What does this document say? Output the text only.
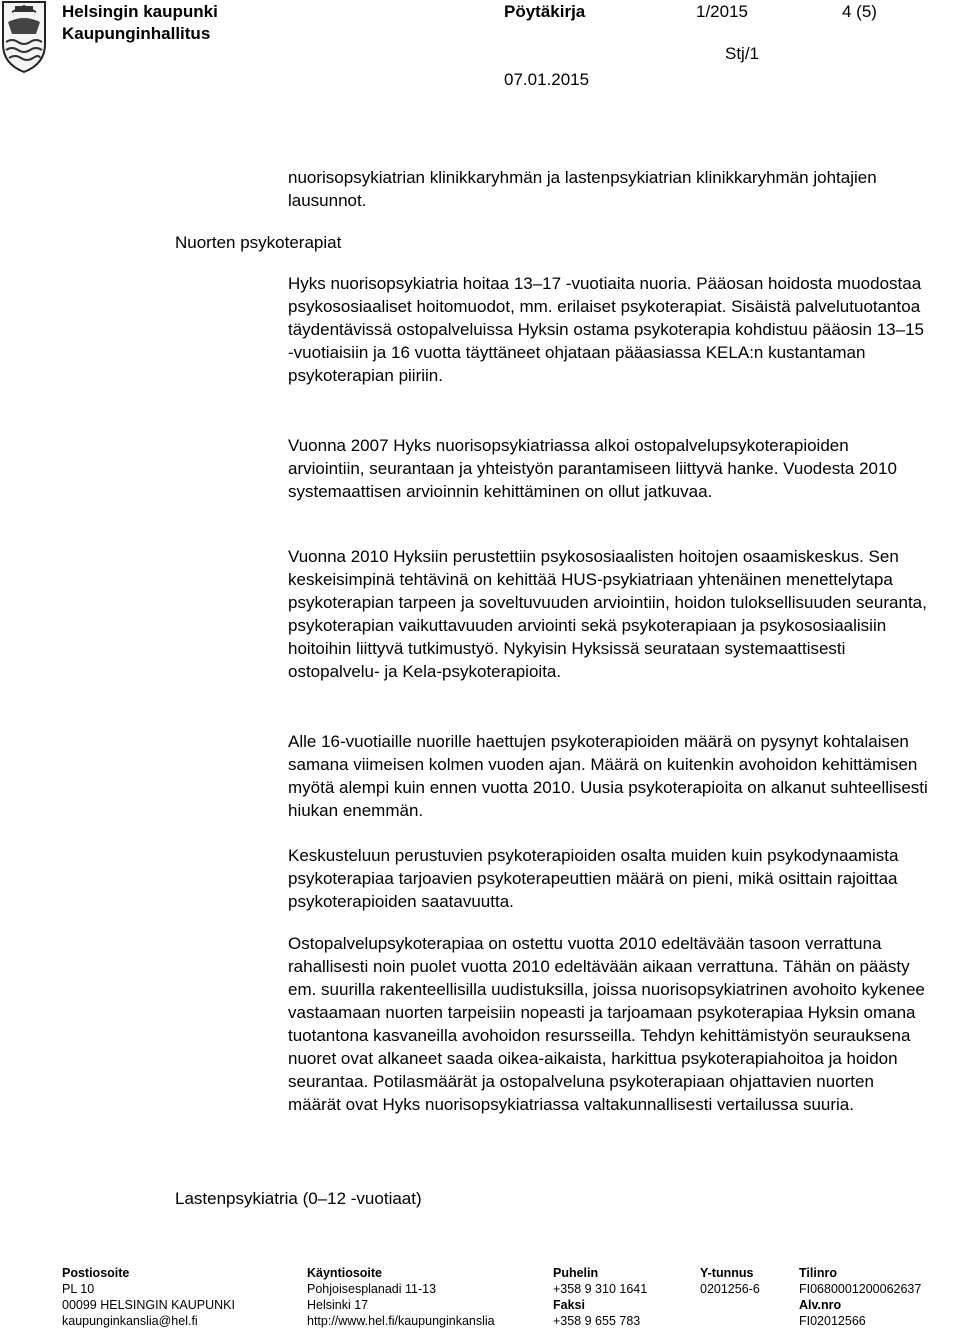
Helsingin kaupunki
Kaupunginhallitus
Pöytäkirja	1/2015	4 (5)
Stj/1
07.01.2015
Nuorten psykoterapiat
Lastenpsykiatria (0–12 -vuotiaat)

nuorisopsykiatrian klinikkaryhmän ja lastenpsykiatrian klinikkaryhmän johtajien lausunnot.

Hyks nuorisopsykiatria hoitaa 13–17 -vuotiaita nuoria. Pääosan hoidosta muodostaa psykososiaaliset hoitomuodot, mm. erilaiset psykoterapiat. Sisäistä palvelutuotantoa täydentävissä ostopalveluissa Hyksin ostama psykoterapia kohdistuu pääosin 13–15 -vuotiaisiin ja 16 vuotta täyttäneet ohjataan pääasiassa KELA:n kustantaman psykoterapian piiriin.

Vuonna 2007 Hyks nuorisopsykiatriassa alkoi ostopalvelupsykoterapioiden arviointiin, seurantaan ja yhteistyön parantamiseen liittyvä hanke. Vuodesta 2010 systemaattisen arvioinnin kehittäminen on ollut jatkuvaa.

Vuonna 2010 Hyksiin perustettiin psykososiaalisten hoitojen osaamiskeskus. Sen keskeisimpinä tehtävinä on kehittää HUS-psykiatriaan yhtenäinen menettelytapa psykoterapian tarpeen ja soveltuvuuden arviointiin, hoidon tuloksellisuuden seuranta, psykoterapian vaikuttavuuden arviointi sekä psykoterapiaan ja psykososiaalisiin hoitoihin liittyvä tutkimustyö. Nykyisin Hyksissä seurataan systemaattisesti ostopalvelu- ja Kela-psykoterapioita.

Alle 16-vuotiaille nuorille haettujen psykoterapioiden määrä on pysynyt kohtalaisen samana viimeisen kolmen vuoden ajan. Määrä on kuitenkin avohoidon kehittämisen myötä alempi kuin ennen vuotta 2010. Uusia psykoterapioita on alkanut suhteellisesti hiukan enemmän.

Keskusteluun perustuvien psykoterapioiden osalta muiden kuin psykodynaamista psykoterapiaa tarjoavien psykoterapeuttien määrä on pieni, mikä osittain rajoittaa psykoterapioiden saatavuutta.

Ostopalvelupsykoterapiaa on ostettu vuotta 2010 edeltävään tasoon verrattuna rahallisesti noin puolet vuotta 2010 edeltävään aikaan verrattuna. Tähän on päästy em. suurilla rakenteellisilla uudistuksilla, joissa nuorisopsykiatrinen avohoito kykenee vastaamaan nuorten tarpeisiin nopeasti ja tarjoamaan psykoterapiaa Hyksin omana tuotantona kasvaneilla avohoidon resursseilla. Tehdyn kehittämistyön seurauksena nuoret ovat alkaneet saada oikea-aikaista, harkittua psykoterapiahoitoa ja hoidon seurantaa. Potilasmäärät ja ostopalveluna psykoterapiaan ohjattavien nuorten määrät ovat Hyks nuorisopsykiatriassa valtakunnallisesti vertailussa suuria.

Postiosoite
PL 10
00099 HELSINGIN KAUPUNKI
kaupunginkanslia@hel.fi
Käyntiosoite
Pohjoisesplanadi 11-13
Helsinki 17
http://www.hel.fi/kaupunginkanslia
Puhelin
+358 9 310 1641
Faksi
+358 9 655 783
Y-tunnus
0201256-6
Tilinro
FI0680001200062637
Alv.nro
FI02012566
